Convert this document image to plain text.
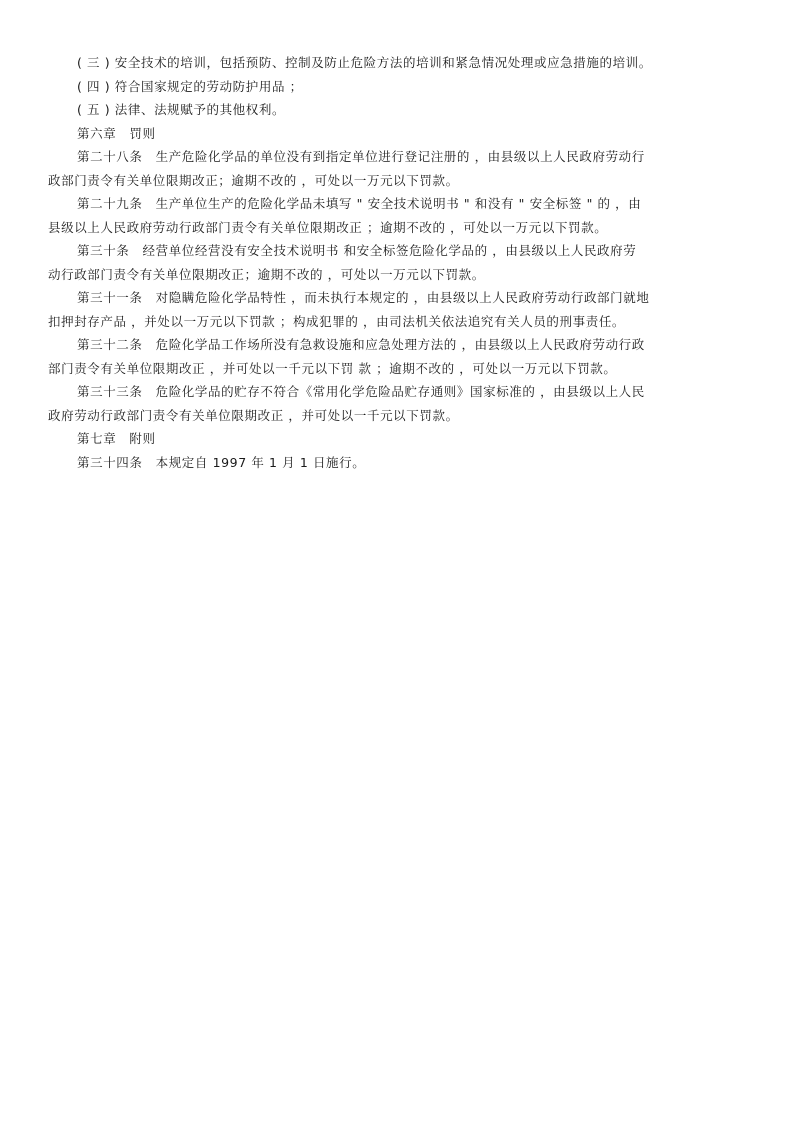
( 三 ) 安全技术的培训，包括预防、控制及防止危险方法的培训和紧急情况处理或应急措施的培训。

( 四 ) 符合国家规定的劳动防护用品 ；

( 五 ) 法律、法规赋予的其他权利。

第六章　罚则

第二十八条　生产危险化学品的单位没有到指定单位进行登记注册的 ，由县级以上人民政府劳动行
政部门责令有关单位限期改正；逾期不改的 ，可处以一万元以下罚款。

第二十九条　生产单位生产的危险化学品未填写 " 安全技术说明书 " 和没有 " 安全标签 " 的 ，由
县级以上人民政府劳动行政部门责令有关单位限期改正 ；逾期不改的 ，可处以一万元以下罚款。

第三十条　经营单位经营没有安全技术说明书 和安全标签危险化学品的 ，由县级以上人民政府劳
动行政部门责令有关单位限期改正；逾期不改的 ，可处以一万元以下罚款。

第三十一条　对隐瞒危险化学品特性 ，而未执行本规定的 ，由县级以上人民政府劳动行政部门就地
扣押封存产品 ，并处以一万元以下罚款 ；构成犯罪的 ，由司法机关依法追究有关人员的刑事责任。

第三十二条　危险化学品工作场所没有急救设施和应急处理方法的 ，由县级以上人民政府劳动行政
部门责令有关单位限期改正 ，并可处以一千元以下罚 款 ；逾期不改的 ，可处以一万元以下罚款。

第三十三条　危险化学品的贮存不符合《常用化学危险品贮存通则》国家标准的 ，由县级以上人民
政府劳动行政部门责令有关单位限期改正 ，并可处以一千元以下罚款。

第七章　附则

第三十四条　本规定自 1997 年 1 月 1 日施行。
